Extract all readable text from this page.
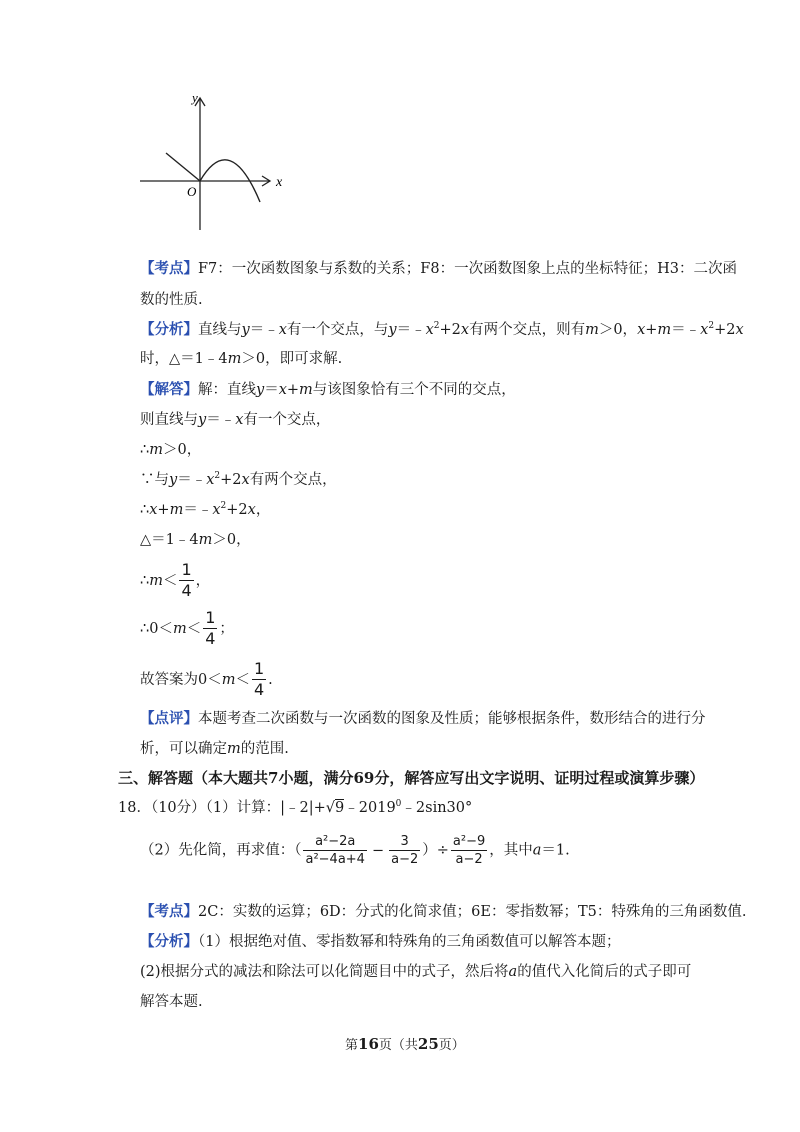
y
x
O
【考点】F7：一次函数图象与系数的关系；F8：一次函数图象上点的坐标特征；H3：二次函
数的性质.
【分析】直线与y＝﹣x有一个交点，与$y=﹣x^2+2x$有两个交点，则有m＞0，$x+m=﹣x^2+2x$
时，△＝1﹣4m＞0，即可求解.
【解答】解：直线y＝x+m与该图象恰有三个不同的交点，
则直线与y＝﹣x有一个交点，
∴m＞0，
∵与$y=﹣x^2+2x$有两个交点，
$\therefore x+m=﹣x^2+2x$，
△＝1﹣4m＞0，
∴m＜ $\frac{1}{4}$ ，
∴0＜m＜ $\frac{1}{4}$ ；
故答案为$0<m< \frac{1}{4}$ .
【点评】本题考查二次函数与一次函数的图象及性质；能够根据条件，数形结合的进行分
析，可以确定m的范围.
三、解答题（本大题共7小题，满分69分，解答应写出文字说明、证明过程或演算步骤）
18．（10分）（1）计算：$|﹣2|+√9﹣2019^0﹣2\sin 30^\circ$
（2）先化简，再求值：（ $\frac{\text{a²−2a}}{\text{a²−4a+4}} - \frac{3}{a-2}$ ）÷ $\frac{\text{a²−9}}{a-2}$ ，其中a＝1.
【考点】2C：实数的运算；6D：分式的化简求值；6E：零指数幂；T5：特殊角的三角函数值.
【分析】（1）根据绝对值、零指数幂和特殊角的三角函数值可以解答本题；
(2)根据分式的减法和除法可以化简题目中的式子，然后将a的值代入化简后的式子即可
解答本题.
第16页（共25页）
